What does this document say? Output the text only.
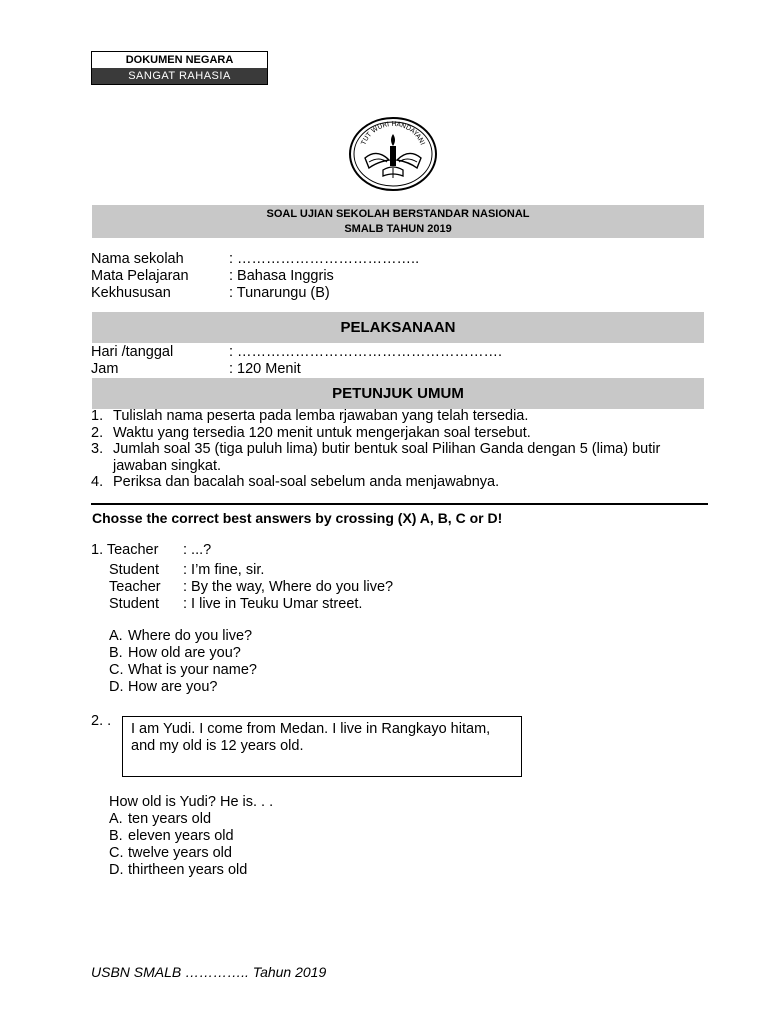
DOKUMEN NEGARA
SANGAT RAHASIA
TUT WURI HANDAYANI
SOAL UJIAN SEKOLAH BERSTANDAR NASIONAL
SMALB TAHUN 2019
Nama sekolah	: ………………………………..
Mata Pelajaran	: Bahasa Inggris
Kekhususan	: Tunarungu (B)
PELAKSANAAN
Hari /tanggal	: ……………………………………………….
Jam	: 120 Menit
PETUNJUK UMUM
1. Tulislah nama peserta pada lemba rjawaban yang telah tersedia.
2. Waktu yang tersedia 120 menit untuk mengerjakan soal tersebut.
3. Jumlah soal 35 (tiga puluh lima) butir bentuk soal Pilihan Ganda dengan 5 (lima) butir jawaban singkat.
4. Periksa dan bacalah soal-soal sebelum anda menjawabnya.
Chosse the correct best answers by crossing (X) A, B, C or D!
1. Teacher : ...?
Student : I’m fine, sir.
Teacher : By the way, Where do you live?
Student : I live in Teuku Umar street.
A. Where do you live?
B. How old are you?
C. What is your name?
D. How are you?
2. .	I am Yudi. I come from Medan. I live in Rangkayo hitam, and my old is 12 years old.
How old is Yudi? He is. . .
A. ten years old
B. eleven years old
C. twelve years old
D. thirtheen years old
USBN SMALB ………….. Tahun 2019
